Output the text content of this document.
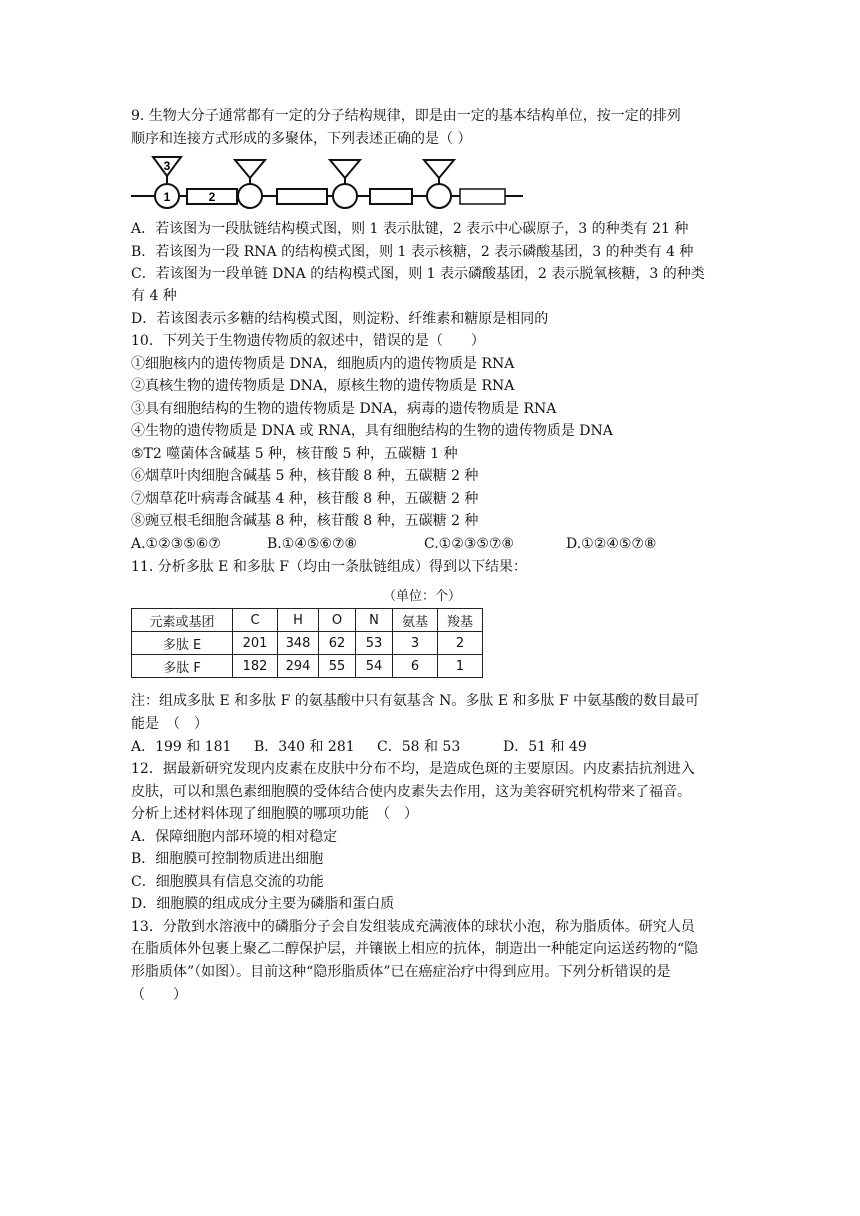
9. 生物大分子通常都有一定的分子结构规律，即是由一定的基本结构单位，按一定的排列
顺序和连接方式形成的多聚体，下列表述正确的是（ ）
3
1	2
A．若该图为一段肽链结构模式图，则 1 表示肽键，2 表示中心碳原子，3 的种类有 21 种
B．若该图为一段 RNA 的结构模式图，则 1 表示核糖，2 表示磷酸基团，3 的种类有 4 种
C．若该图为一段单链 DNA 的结构模式图，则 1 表示磷酸基团，2 表示脱氧核糖，3 的种类
有 4 种
D．若该图表示多糖的结构模式图，则淀粉、纤维素和糖原是相同的
10．下列关于生物遗传物质的叙述中，错误的是（　　）
①细胞核内的遗传物质是 DNA，细胞质内的遗传物质是 RNA
②真核生物的遗传物质是 DNA，原核生物的遗传物质是 RNA
③具有细胞结构的生物的遗传物质是 DNA，病毒的遗传物质是 RNA
④生物的遗传物质是 DNA 或 RNA，具有细胞结构的生物的遗传物质是 DNA
⑤T2 噬菌体含碱基 5 种，核苷酸 5 种，五碳糖 1 种
⑥烟草叶肉细胞含碱基 5 种，核苷酸 8 种，五碳糖 2 种
⑦烟草花叶病毒含碱基 4 种，核苷酸 8 种，五碳糖 2 种
⑧豌豆根毛细胞含碱基 8 种，核苷酸 8 种，五碳糖 2 种
A.①②③⑤⑥⑦	B.①④⑤⑥⑦⑧	C.①②③⑤⑦⑧	D.①②④⑤⑦⑧
11. 分析多肽 E 和多肽 F（均由一条肽链组成）得到以下结果：
（单位：个）
元素或基团	C	H	O	N	氨基	羧基
多肽 E	201	348	62	53	3	2
多肽 F	182	294	55	54	6	1
注：组成多肽 E 和多肽 F 的氨基酸中只有氨基含 N。多肽 E 和多肽 F 中氨基酸的数目最可
能是　（　）
A．199 和 181 B．340 和 281 C．58 和 53	D．51 和 49
12．据最新研究发现内皮素在皮肤中分布不均，是造成色斑的主要原因。内皮素拮抗剂进入
皮肤，可以和黑色素细胞膜的受体结合使内皮素失去作用，这为美容研究机构带来了福音。
分析上述材料体现了细胞膜的哪项功能　（　）
A．保障细胞内部环境的相对稳定
B．细胞膜可控制物质进出细胞
C．细胞膜具有信息交流的功能
D．细胞膜的组成成分主要为磷脂和蛋白质
13．分散到水溶液中的磷脂分子会自发组装成充满液体的球状小泡，称为脂质体。研究人员
在脂质体外包裹上聚乙二醇保护层，并镶嵌上相应的抗体，制造出一种能定向运送药物的“隐
形脂质体”（如图）。目前这种“隐形脂质体”已在癌症治疗中得到应用。下列分析错误的是
（　　）
